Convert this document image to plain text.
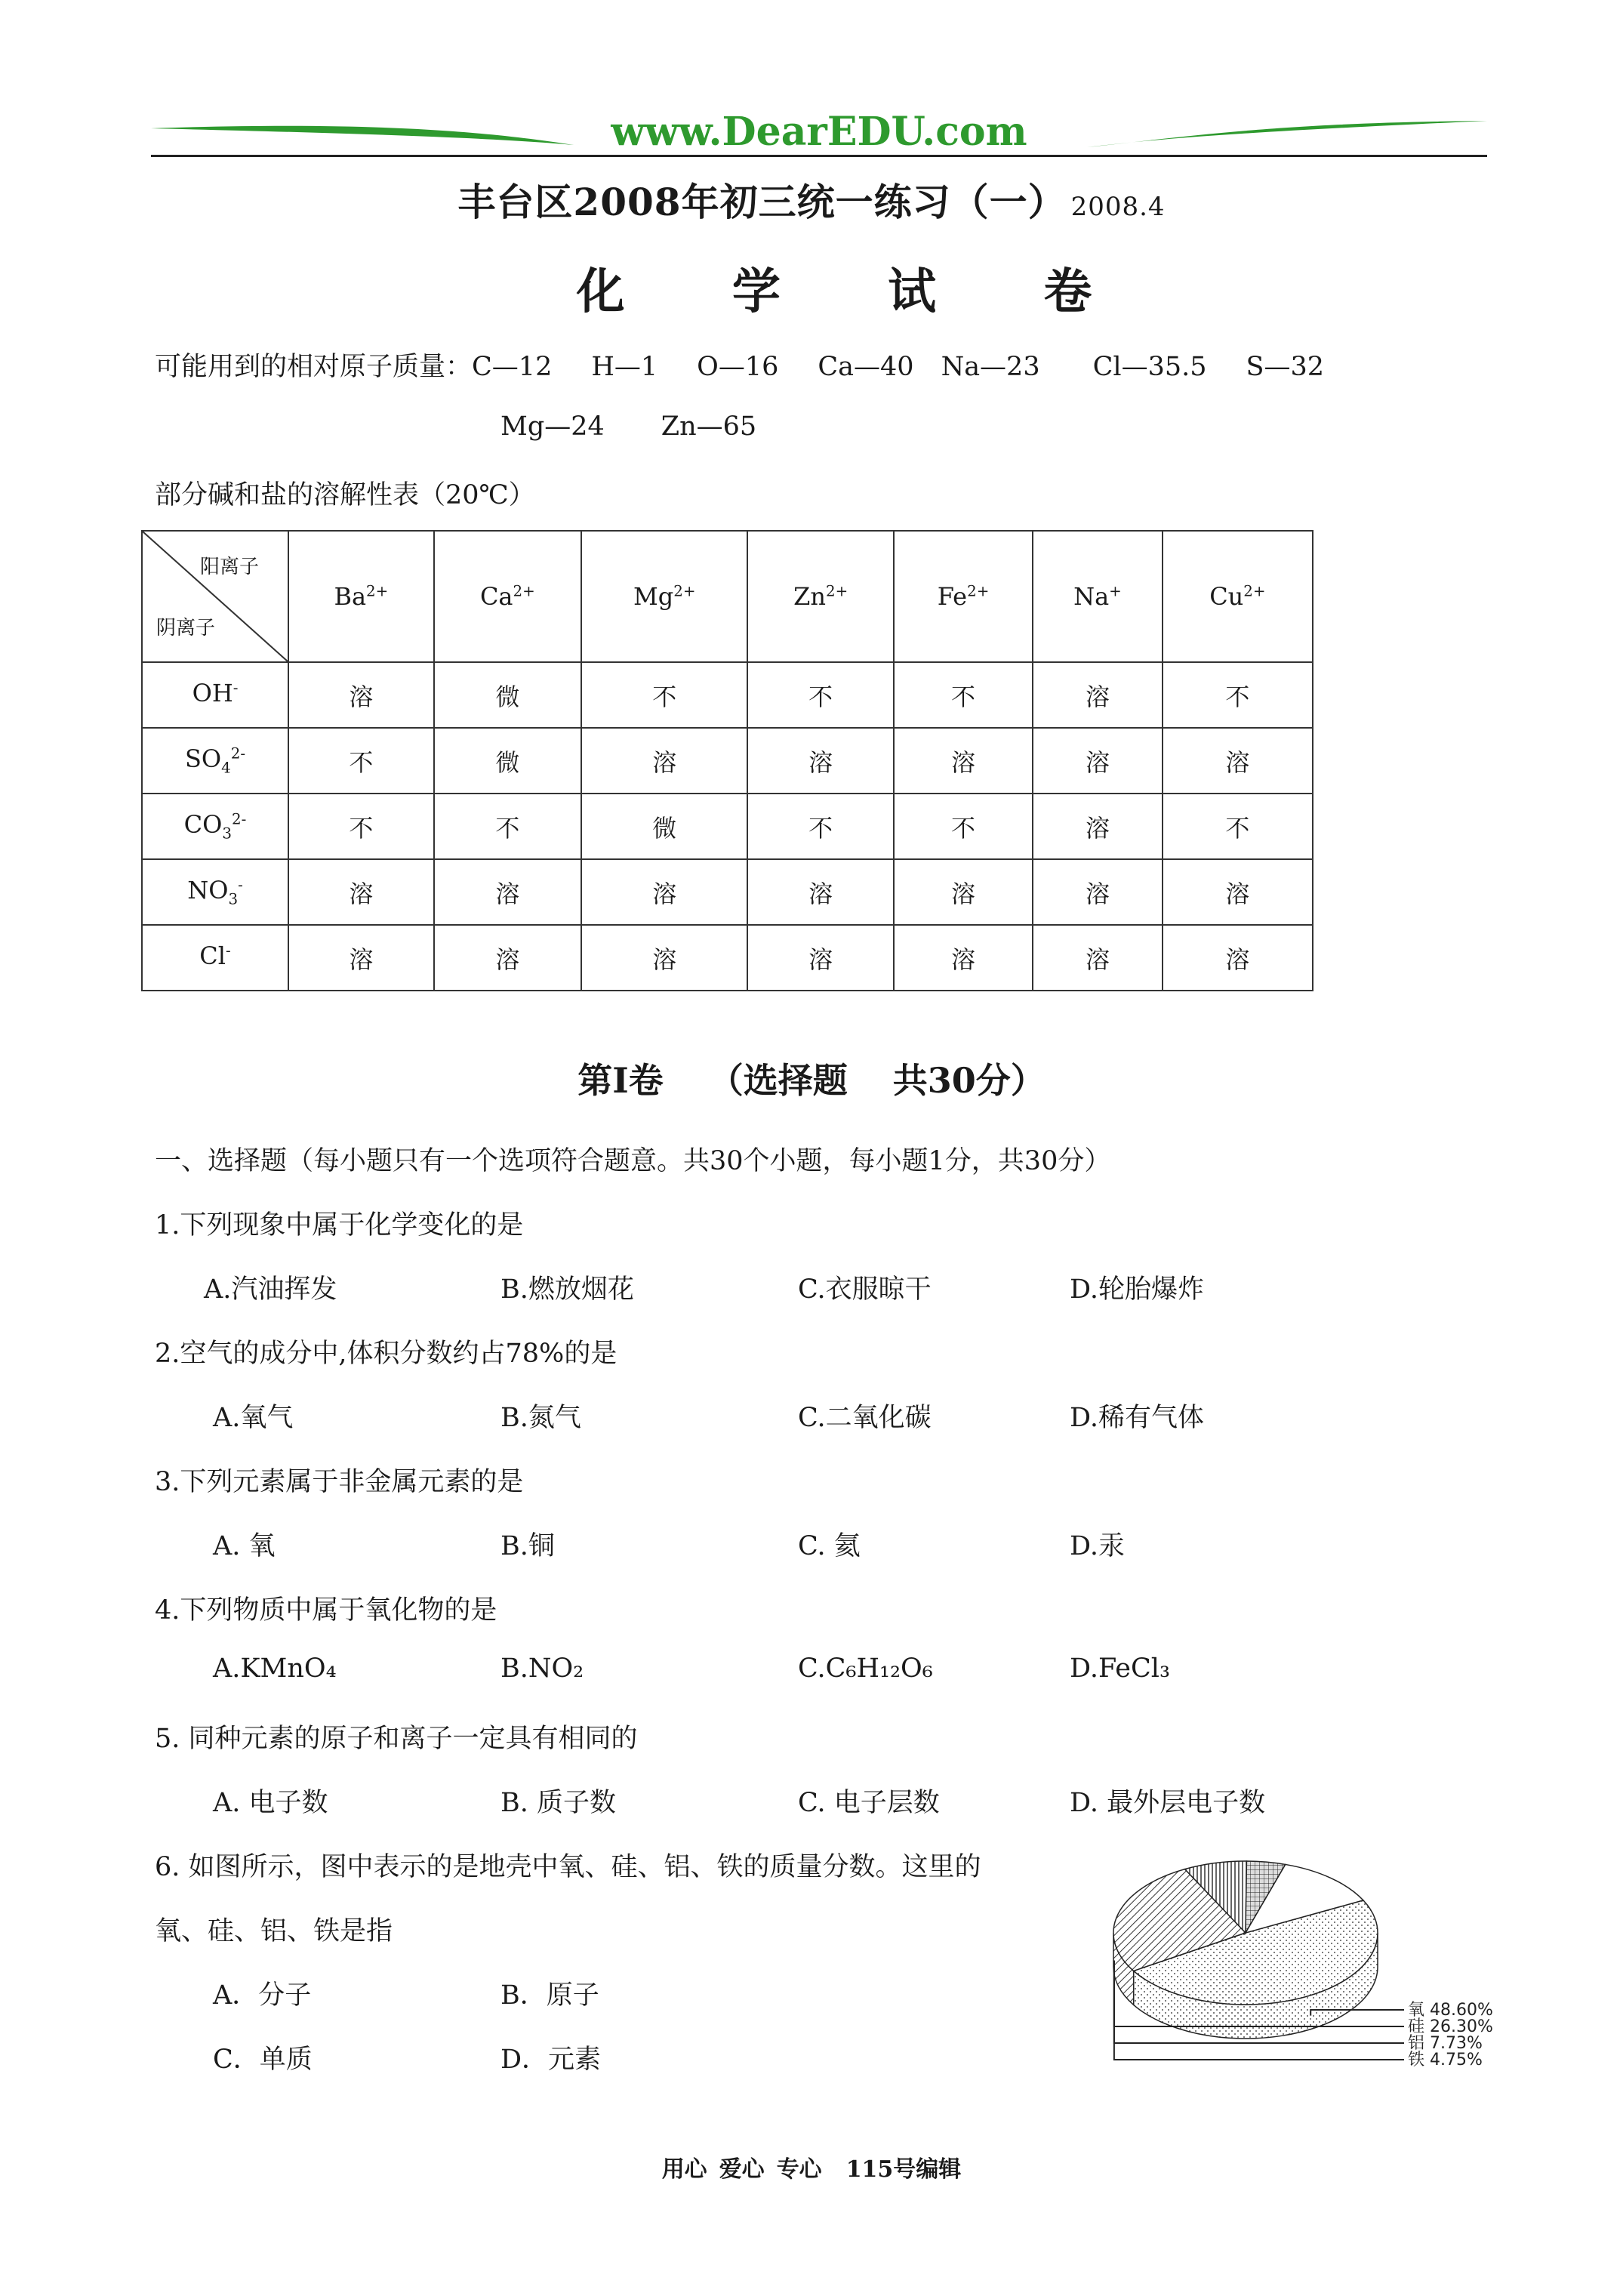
www.DearEDU.com
丰台区2008年初三统一练习（一） 2008.4
化 学 试 卷
可能用到的相对原子质量：C—12 H—1 O—16 Ca—40 Na—23 Cl—35.5 S—32
Mg—24 Zn—65
部分碱和盐的溶解性表（20℃）
阳离子
阴离子	$Ba^{2+}$	$Ca^{2+}$	$Mg^{2+}$	$Zn^{2+}$	$Fe^{2+}$	Na+	$Cu^{2+}$
OH-	溶	微	不	不	不	溶	不
$SO_4^{2-}$	不	微	溶	溶	溶	溶	溶
$CO_3^{2-}$	不	不	微	不	不	溶	不
$NO_3^-$	溶	溶	溶	溶	溶	溶	溶
Cl-	溶	溶	溶	溶	溶	溶	溶
第Ⅰ卷 （选择题 共30分）
一、选择题（每小题只有一个选项符合题意。共30个小题，每小题1分，共30分）
1.下列现象中属于化学变化的是
A.汽油挥发	B.燃放烟花	C.衣服晾干	D.轮胎爆炸
2.空气的成分中,体积分数约占78%的是
A.氧气	B.氮气	C.二氧化碳	D.稀有气体
3.下列元素属于非金属元素的是
A. 氧	B.铜	C. 氦	D.汞
4.下列物质中属于氧化物的是
A.KMnO₄	B.NO₂	C.C₆H₁₂O₆	D.FeCl₃
5. 同种元素的原子和离子一定具有相同的
A. 电子数	B. 质子数	C. 电子层数	D. 最外层电子数
6. 如图所示，图中表示的是地壳中氧、硅、铝、铁的质量分数。这里的
氧、硅、铝、铁是指
A．分子	B．原子
C．单质	D．元素
氧 48.60%
硅 26.30%
铝 7.73%
铁 4.75%
用心 爱心 专心 115号编辑
